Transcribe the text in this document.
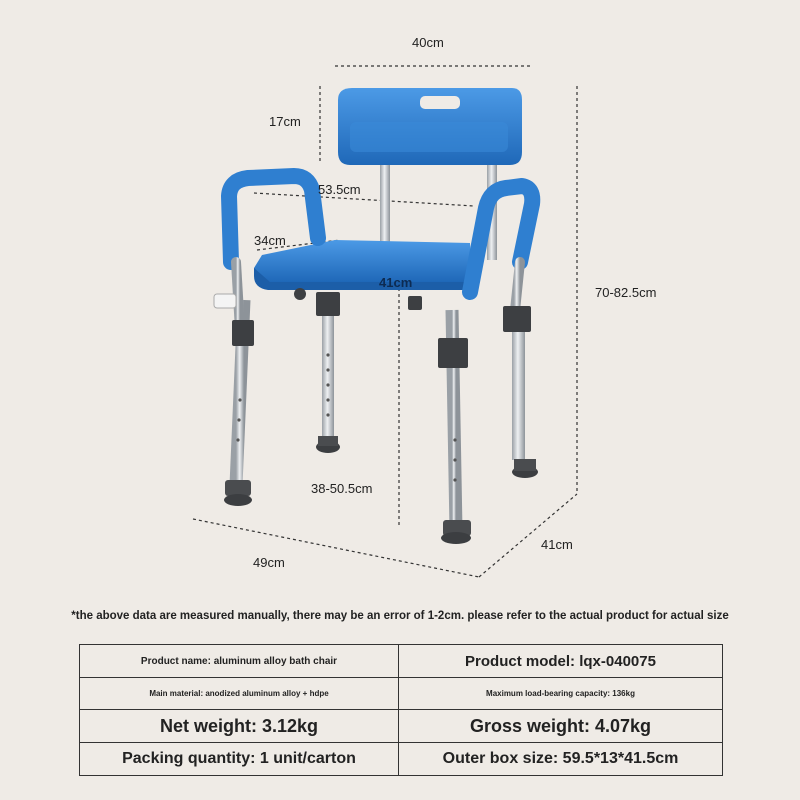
40cm
17cm
53.5cm
34cm
41cm
70-82.5cm
38-50.5cm
49cm
41cm
*the above data are measured manually, there may be an error of 1-2cm. please refer to the actual product for actual size
Product name: aluminum alloy bath chair	Product model: lqx-040075
Main material: anodized aluminum alloy + hdpe	Maximum load-bearing capacity: 136kg
Net weight: 3.12kg	Gross weight: 4.07kg
Packing quantity: 1 unit/carton	Outer box size: 59.5*13*41.5cm
